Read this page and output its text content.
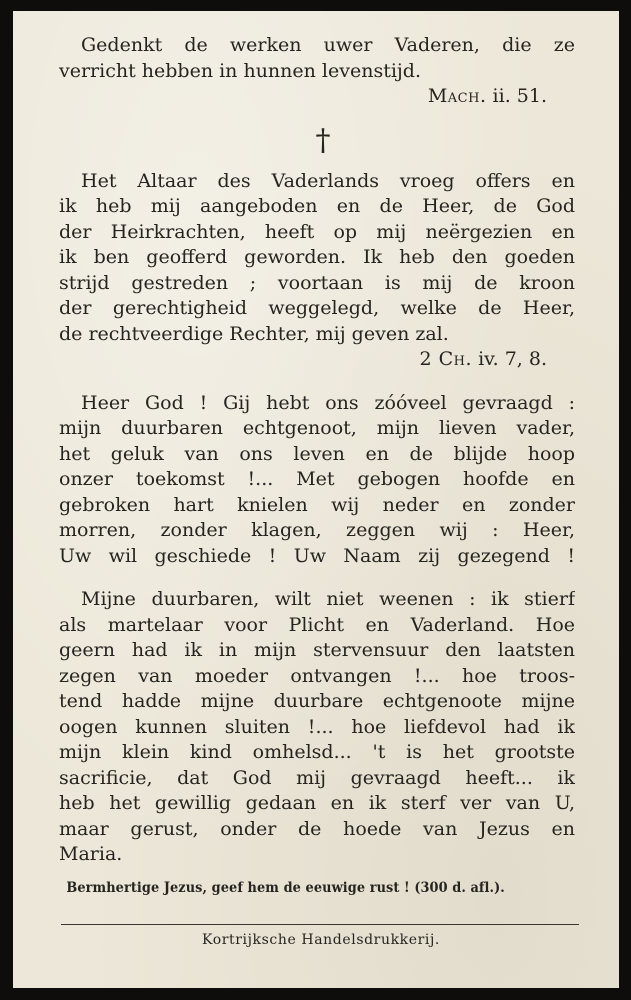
Gedenkt de werken uwer Vaderen, die ze
verricht hebben in hunnen levenstijd.
Mach. ii. 51.
†
Het Altaar des Vaderlands vroeg offers en
ik heb mij aangeboden en de Heer, de God
der Heirkrachten, heeft op mij neërgezien en
ik ben geofferd geworden. Ik heb den goeden
strijd gestreden ; voortaan is mij de kroon
der gerechtigheid weggelegd, welke de Heer,
de rechtveerdige Rechter, mij geven zal.
2 Ch. iv. 7, 8.
Heer God ! Gij hebt ons zóóveel gevraagd :
mijn duurbaren echtgenoot, mijn lieven vader,
het geluk van ons leven en de blijde hoop
onzer toekomst !... Met gebogen hoofde en
gebroken hart knielen wij neder en zonder
morren, zonder klagen, zeggen wij : Heer,
Uw wil geschiede ! Uw Naam zij gezegend !
Mijne duurbaren, wilt niet weenen : ik stierf
als martelaar voor Plicht en Vaderland. Hoe
geern had ik in mijn stervensuur den laatsten
zegen van moeder ontvangen !... hoe troos-
tend hadde mijne duurbare echtgenoote mijne
oogen kunnen sluiten !... hoe liefdevol had ik
mijn klein kind omhelsd... 't is het grootste
sacrificie, dat God mij gevraagd heeft... ik
heb het gewillig gedaan en ik sterf ver van U,
maar gerust, onder de hoede van Jezus en
Maria.
Bermhertige Jezus, geef hem de eeuwige rust ! (300 d. afl.).
Kortrijksche Handelsdrukkerij.
